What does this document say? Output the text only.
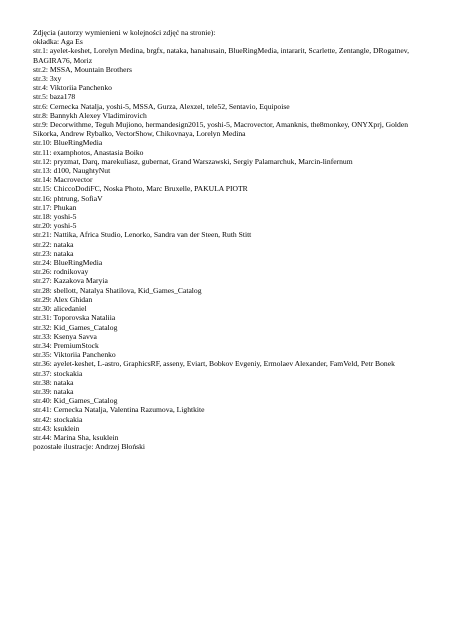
Zdjęcia (autorzy wymienieni w kolejności zdjęć na stronie):

okładka: Aga Es

str.1: ayelet-keshet, Lorelyn Medina, brgfx, nataka, hanahusain, BlueRingMedia, intararit, Scarlette, Zentangle, DRogatnev, BAGIRA76, Moriz

str.2: MSSA, Mountain Brothers

str.3: 3xy

str.4: Viktoriia Panchenko

str.5: baza178

str.6: Cernecka Natalja, yoshi-5, MSSA, Gurza, Alexzel, tele52, Sentavio, Equipoise

str.8: Bannykh Alexey Vladimirovich

str.9: Decorwithme, Teguh Mujiono, hermandesign2015, yoshi-5, Macrovector, Amanknis, the8monkey, ONYXprj, Golden Sikorka, Andrew Rybalko, VectorShow, Chikovnaya, Lorelyn Medina

str.10: BlueRingMedia

str.11: examphotos, Anastasia Boiko

str.12: pryzmat, Darq, marekuliasz, gubernat, Grand Warszawski, Sergiy Palamarchuk, Marcin-linfernum

str.13: d100, NaughtyNut

str.14: Macrovector

str.15: ChiccoDodiFC, Noska Photo, Marc Bruxelle, PAKULA PIOTR

str.16: phtrung, SofiaV

str.17: Phukan

str.18: yoshi-5

str.20: yoshi-5

str.21: Nattika, Africa Studio, Lenorko, Sandra van der Steen, Ruth Stitt

str.22: nataka

str.23: nataka

str.24: BlueRingMedia

str.26: rodnikovay

str.27: Kazakova Maryia

str.28: sbellott, Natalya Shatilova, Kid_Games_Catalog

str.29: Alex Ghidan

str.30: alicedaniel

str.31: Toporovska Nataliia

str.32: Kid_Games_Catalog

str.33: Ksenya Savva

str.34: PremiumStock

str.35: Viktoriia Panchenko

str.36: ayelet-keshet, L-astro, GraphicsRF, asseny, Eviart, Bobkov Evgeniy, Ermolaev Alexander, FamVeld, Petr Bonek

str.37: stockakia

str.38: nataka

str.39: nataka

str.40: Kid_Games_Catalog

str.41: Cernecka Natalja, Valentina Razumova, Lightkite

str.42: stockakia

str.43: ksuklein

str.44: Marina Sha, ksuklein

pozostałe ilustracje: Andrzej Błoński
